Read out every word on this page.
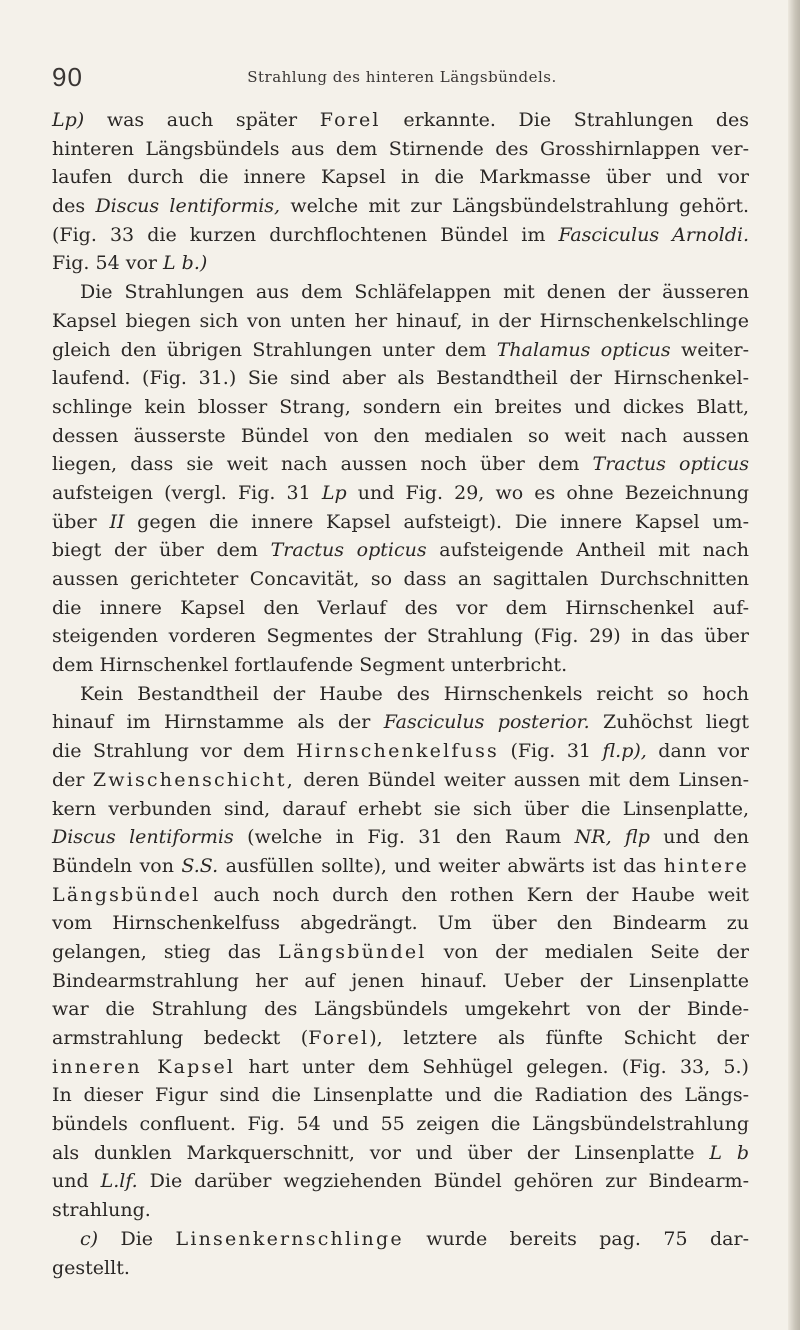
90	Strahlung des hinteren Längsbündels.
Lp) was auch später Forel erkannte. Die Strahlungen des
hinteren Längsbündels aus dem Stirnende des Grosshirnlappen ver-
laufen durch die innere Kapsel in die Markmasse über und vor
des Discus lentiformis, welche mit zur Längsbündelstrahlung gehört.
(Fig. 33 die kurzen durchflochtenen Bündel im Fasciculus Arnoldi.
Fig. 54 vor L b.)
Die Strahlungen aus dem Schläfelappen mit denen der äusseren
Kapsel biegen sich von unten her hinauf, in der Hirnschenkelschlinge
gleich den übrigen Strahlungen unter dem Thalamus opticus weiter-
laufend. (Fig. 31.) Sie sind aber als Bestandtheil der Hirnschenkel-
schlinge kein blosser Strang, sondern ein breites und dickes Blatt,
dessen äusserste Bündel von den medialen so weit nach aussen
liegen, dass sie weit nach aussen noch über dem Tractus opticus
aufsteigen (vergl. Fig. 31 Lp und Fig. 29, wo es ohne Bezeichnung
über II gegen die innere Kapsel aufsteigt). Die innere Kapsel um-
biegt der über dem Tractus opticus aufsteigende Antheil mit nach
aussen gerichteter Concavität, so dass an sagittalen Durchschnitten
die innere Kapsel den Verlauf des vor dem Hirnschenkel auf-
steigenden vorderen Segmentes der Strahlung (Fig. 29) in das über
dem Hirnschenkel fortlaufende Segment unterbricht.
Kein Bestandtheil der Haube des Hirnschenkels reicht so hoch
hinauf im Hirnstamme als der Fasciculus posterior. Zuhöchst liegt
die Strahlung vor dem Hirnschenkelfuss (Fig. 31 fl.p), dann vor
der Zwischenschicht, deren Bündel weiter aussen mit dem Linsen-
kern verbunden sind, darauf erhebt sie sich über die Linsenplatte,
Discus lentiformis (welche in Fig. 31 den Raum NR, flp und den
Bündeln von S.S. ausfüllen sollte), und weiter abwärts ist das hintere
Längsbündel auch noch durch den rothen Kern der Haube weit
vom Hirnschenkelfuss abgedrängt. Um über den Bindearm zu
gelangen, stieg das Längsbündel von der medialen Seite der
Bindearmstrahlung her auf jenen hinauf. Ueber der Linsenplatte
war die Strahlung des Längsbündels umgekehrt von der Binde-
armstrahlung bedeckt (Forel), letztere als fünfte Schicht der
inneren Kapsel hart unter dem Sehhügel gelegen. (Fig. 33, 5.)
In dieser Figur sind die Linsenplatte und die Radiation des Längs-
bündels confluent. Fig. 54 und 55 zeigen die Längsbündelstrahlung
als dunklen Markquerschnitt, vor und über der Linsenplatte L b
und L.lf. Die darüber wegziehenden Bündel gehören zur Bindearm-
strahlung.
c) Die Linsenkernschlinge wurde bereits pag. 75 dar-
gestellt.
